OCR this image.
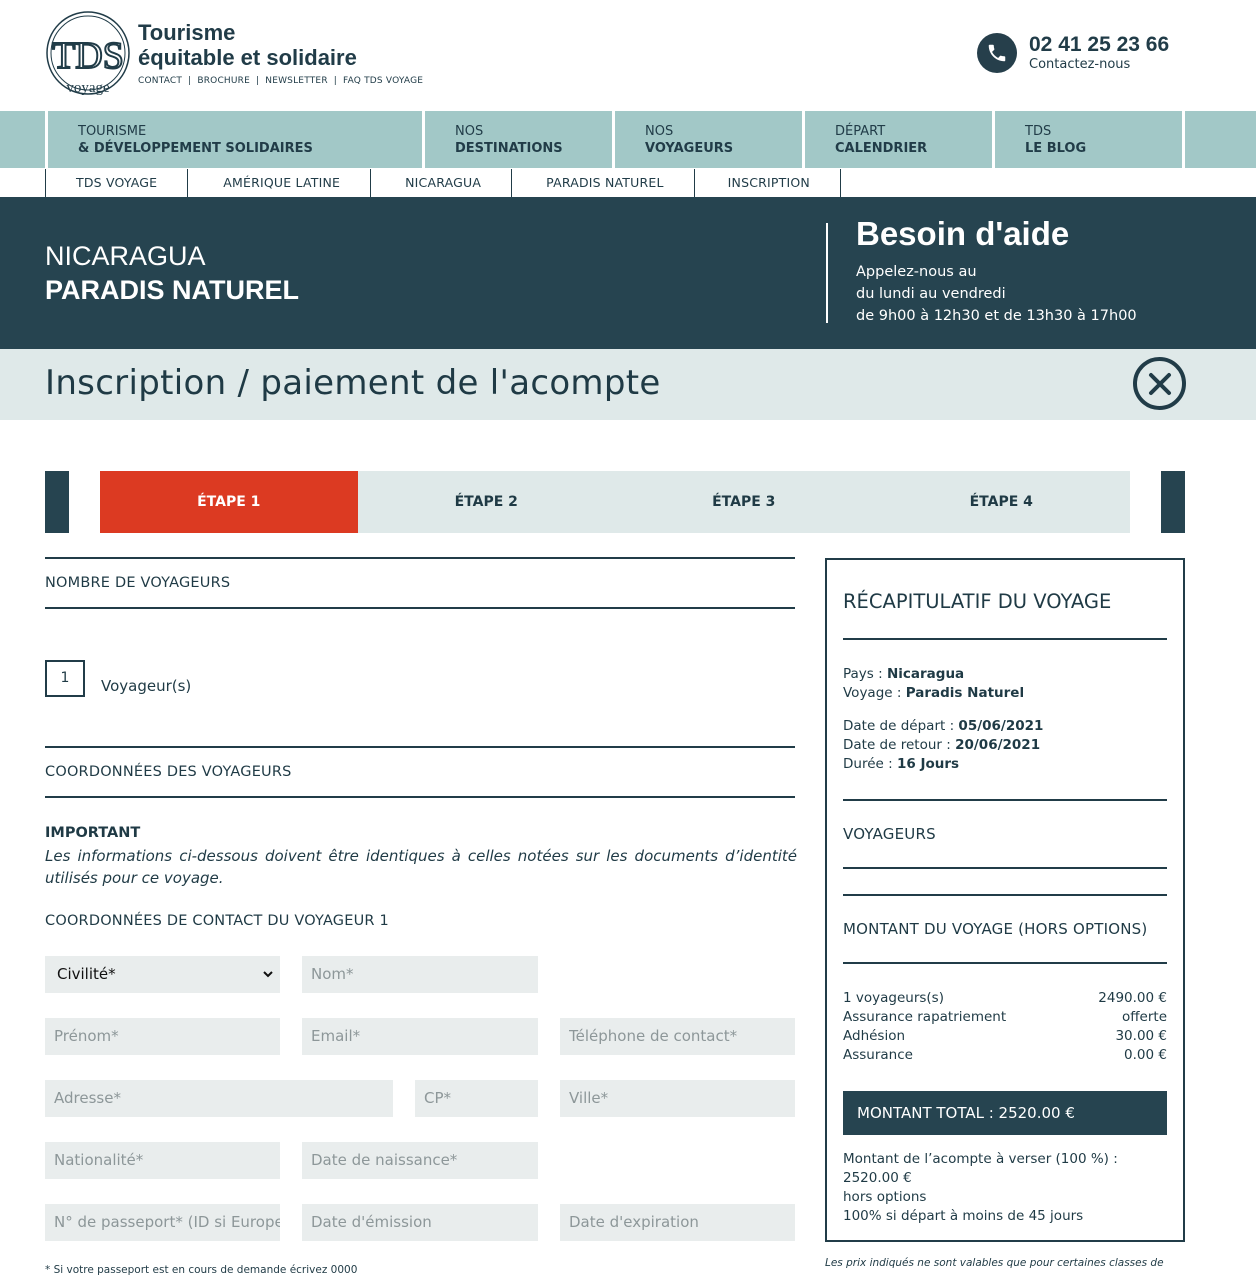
TDS
voyage
Tourisme
équitable et solidaire
CONTACT | BROCHURE | NEWSLETTER | FAQ TDS VOYAGE
02 41 25 23 66
Contactez-nous
TOURISME
& DÉVELOPPEMENT SOLIDAIRES
NOS
DESTINATIONS
NOS
VOYAGEURS
DÉPART
CALENDRIER
TDS
LE BLOG
TDS VOYAGE	AMÉRIQUE LATINE	NICARAGUA	PARADIS NATUREL	INSCRIPTION
NICARAGUA
PARADIS NATUREL
Besoin d'aide
Appelez-nous au
du lundi au vendredi
de 9h00 à 12h30 et de 13h30 à 17h00
Inscription / paiement de l'acompte
ÉTAPE 1	ÉTAPE 2	ÉTAPE 3	ÉTAPE 4
NOMBRE DE VOYAGEURS
1	Voyageur(s)
COORDONNÉES DES VOYAGEURS
IMPORTANT
Les informations ci-dessous doivent être identiques à celles notées sur les documents d’identité utilisés pour ce voyage.
COORDONNÉES DE CONTACT DU VOYAGEUR 1
Civilité*
Nom*
Prénom*
Email*
Téléphone de contact*
Adresse*
CP*
Ville*
Nationalité*
Date de naissance*
N° de passeport* (ID si Europe
Date d'émission
Date d'expiration
* Si votre passeport est en cours de demande écrivez 0000
RÉCAPITULATIF DU VOYAGE
Pays : Nicaragua
Voyage : Paradis Naturel
Date de départ : 05/06/2021
Date de retour : 20/06/2021
Durée : 16 Jours
VOYAGEURS
MONTANT DU VOYAGE (HORS OPTIONS)
1 voyageurs(s)	2490.00 €
Assurance rapatriement	offerte
Adhésion	30.00 €
Assurance	0.00 €
MONTANT TOTAL : 2520.00 €
Montant de l’acompte à verser (100 %) : 2520.00 €
hors options
100% si départ à moins de 45 jours
Les prix indiqués ne sont valables que pour certaines classes de
